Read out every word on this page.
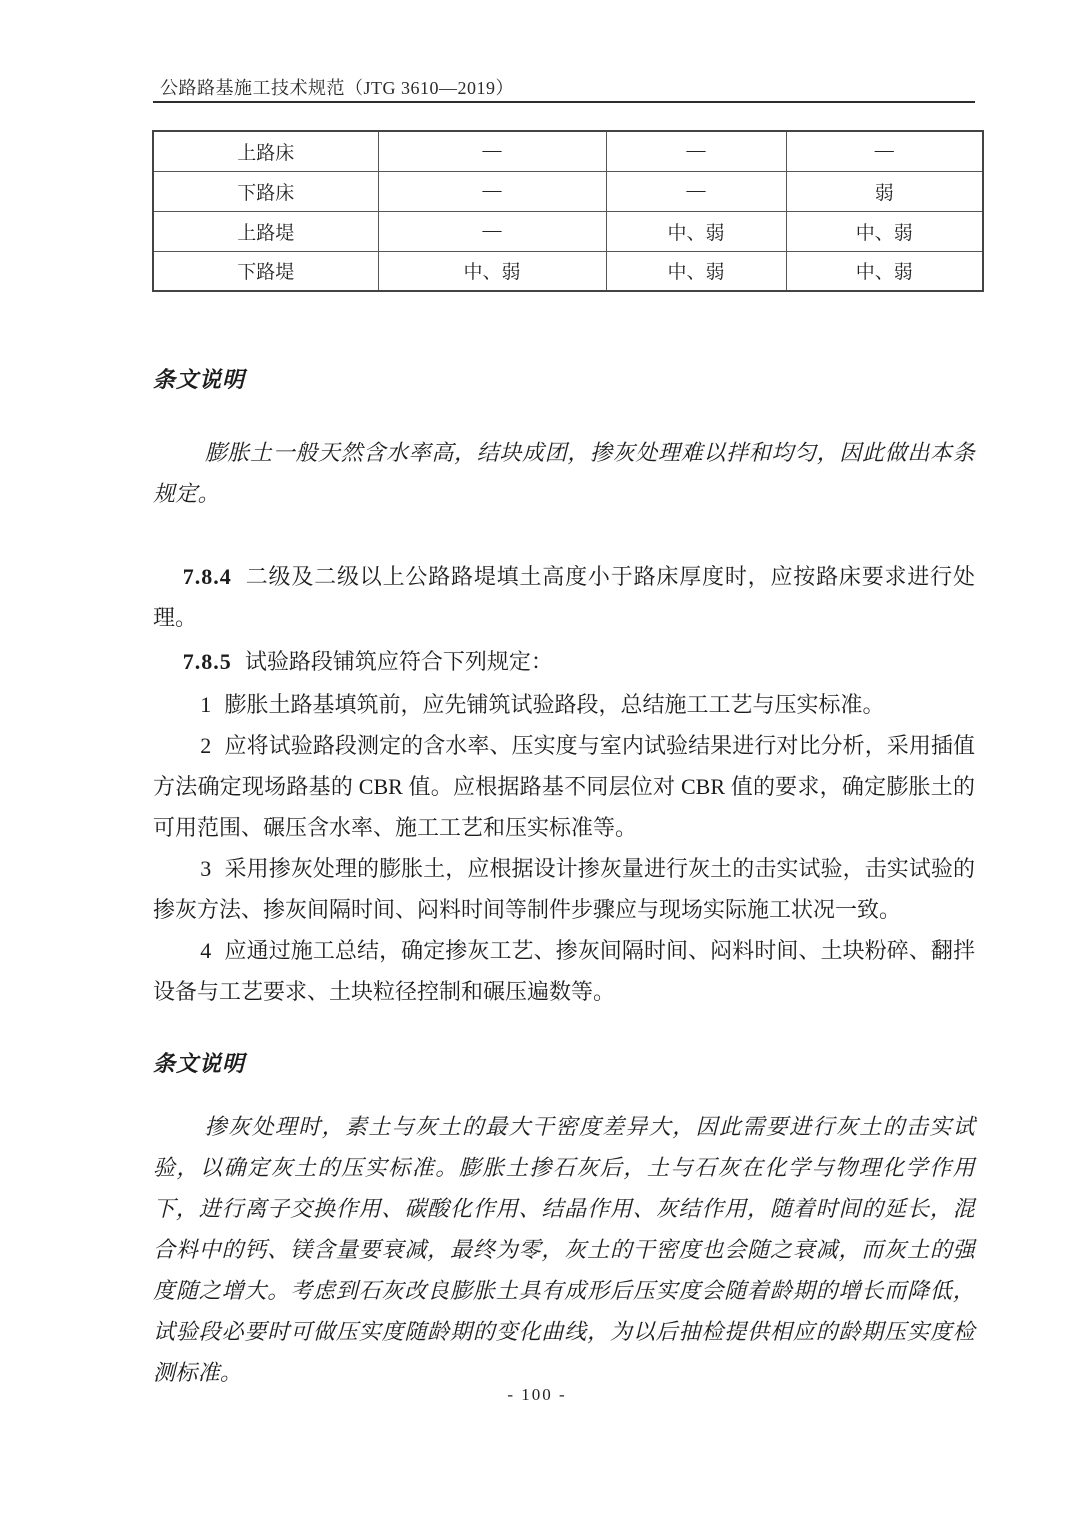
公路路基施工技术规范（JTG 3610—2019）
上路床	—	—	—
下路床	—	—	弱
上路堤	—	中、弱	中、弱
下路堤	中、弱	中、弱	中、弱
条文说明

膨胀土一般天然含水率高，结块成团，掺灰处理难以拌和均匀，因此做出本条规定。

7.8.4 二级及二级以上公路路堤填土高度小于路床厚度时，应按路床要求进行处理。

7.8.5 试验路段铺筑应符合下列规定：

1 膨胀土路基填筑前，应先铺筑试验路段，总结施工工艺与压实标准。

2 应将试验路段测定的含水率、压实度与室内试验结果进行对比分析，采用插值方法确定现场路基的 CBR 值。应根据路基不同层位对 CBR 值的要求，确定膨胀土的可用范围、碾压含水率、施工工艺和压实标准等。

3 采用掺灰处理的膨胀土，应根据设计掺灰量进行灰土的击实试验，击实试验的掺灰方法、掺灰间隔时间、闷料时间等制件步骤应与现场实际施工状况一致。

4 应通过施工总结，确定掺灰工艺、掺灰间隔时间、闷料时间、土块粉碎、翻拌设备与工艺要求、土块粒径控制和碾压遍数等。

条文说明

掺灰处理时，素土与灰土的最大干密度差异大，因此需要进行灰土的击实试验，以确定灰土的压实标准。膨胀土掺石灰后，土与石灰在化学与物理化学作用下，进行离子交换作用、碳酸化作用、结晶作用、灰结作用，随着时间的延长，混合料中的钙、镁含量要衰减，最终为零，灰土的干密度也会随之衰减，而灰土的强度随之增大。考虑到石灰改良膨胀土具有成形后压实度会随着龄期的增长而降低，试验段必要时可做压实度随龄期的变化曲线，为以后抽检提供相应的龄期压实度检测标准。

- 100 -
